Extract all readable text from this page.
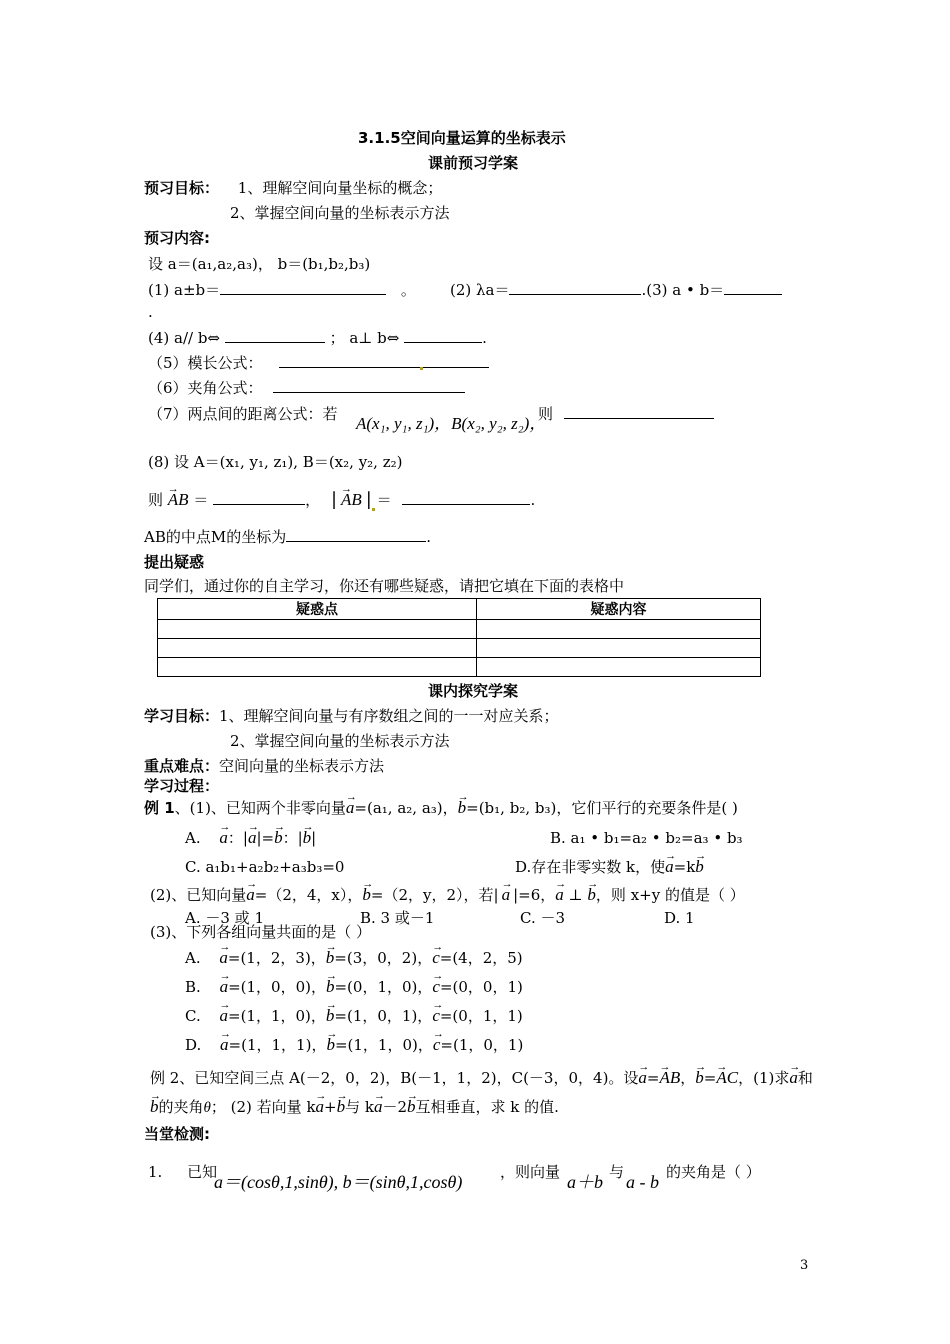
3.1.5空间向量运算的坐标表示
课前预习学案
预习目标： 1、理解空间向量坐标的概念；
2、掌握空间向量的坐标表示方法
预习内容:
设 a＝(a₁,a₂,a₃)， b＝(b₁,b₂,b₃)
(1) a±b＝	。 (2) λa＝	.(3) a • b＝
.
(4) a// b⇔	； a⊥ b⇔	.
（5）模长公式：
（6）夹角公式：
（7）两点间的距离公式：若 A(x₁, y₁, z₁)，B(x₂, y₂, z₂)，
则
(8) 设 A＝(x₁, y₁, z₁), B＝(x₂, y₂, z₂)
则 → AB ＝	， | → AB | ＝	.
AB的中点M的坐标为	.
提出疑惑
同学们，通过你的自主学习，你还有哪些疑惑，请把它填在下面的表格中
疑惑点	疑惑内容

课内探究学案
学习目标：1、理解空间向量与有序数组之间的一一对应关系；
2、掌握空间向量的坐标表示方法
重点难点：空间向量的坐标表示方法
学习过程：
例 1、(1)、已知两个非零向量→ a=(a₁, a₂, a₃)，→ b=(b₁, b₂, b₃)，它们平行的充要条件是( )
A. → a：|→ a|=→ b：|→ b|	B. a₁ • b₁=a₂ • b₂=a₃ • b₃
C. a₁b₁+a₂b₂+a₃b₃=0	D.存在非零实数 k，使→ a=k→ b
(2)、已知向量→ a=（2，4，x），→ b=（2，y，2），若| → a |=6，→ a ⊥ → b，则 x+y 的值是（ ）
A. －3 或 1	B. 3 或－1	C. －3	D. 1
(3)、下列各组向量共面的是（ ）
A. → a=(1，2，3)，→ b=(3，0，2)，→ c=(4，2，5)
B. → a=(1，0，0)，→ b=(0，1，0)，→ c=(0，0，1)
C. → a=(1，1，0)，→ b=(1，0，1)，→ c=(0，1，1)
D. → a=(1，1，1)，→ b=(1，1，0)，→ c=(1，0，1)
例 2、已知空间三点 A(－2，0，2)，B(－1，1，2)，C(－3，0，4)。设→ a=→ AB，→ b=→ AC，(1)求→ a和
→ b的夹角θ； (2) 若向量 k→ a+→ b与 k→ a－2→ b互相垂直，求 k 的值.
当堂检测:
1. 已知
a＝(cosθ,1,sinθ), b＝(sinθ,1,cosθ)	，则向量 a＋b 与 a - b 的夹角是（ ）
3
